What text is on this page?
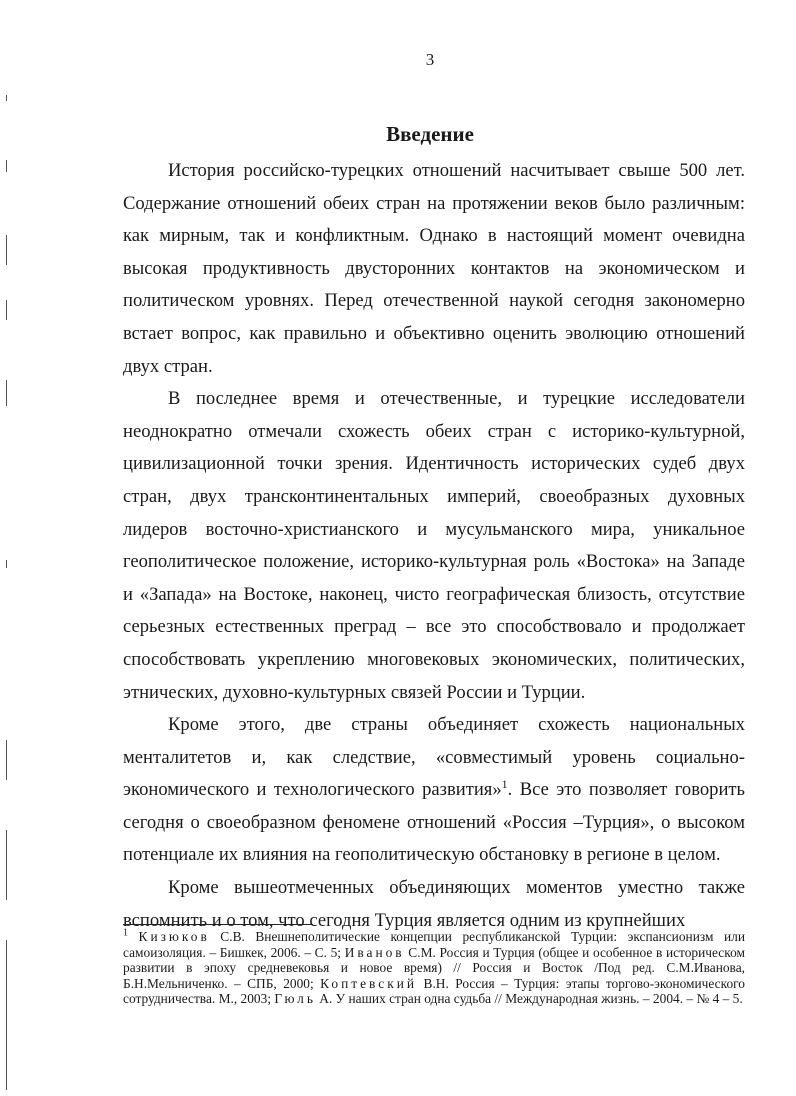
3
Введение

История российско-турецких отношений насчитывает свыше 500 лет. Содержание отношений обеих стран на протяжении веков было различным: как мирным, так и конфликтным. Однако в настоящий момент очевидна высокая продуктивность двусторонних контактов на экономическом и политическом уровнях. Перед отечественной наукой сегодня закономерно встает вопрос, как правильно и объективно оценить эволюцию отношений двух стран.

В последнее время и отечественные, и турецкие исследователи неоднократно отмечали схожесть обеих стран с историко-культурной, цивилизационной точки зрения. Идентичность исторических судеб двух стран, двух трансконтинентальных империй, своеобразных духовных лидеров восточно-христианского и мусульманского мира, уникальное геополитическое положение, историко-культурная роль «Востока» на Западе и «Запада» на Востоке, наконец, чисто географическая близость, отсутствие серьезных естественных преград – все это способствовало и продолжает способствовать укреплению многовековых экономических, политических, этнических, духовно-культурных связей России и Турции.

Кроме этого, две страны объединяет схожесть национальных менталитетов и, как следствие, «совместимый уровень социально-экономического и технологического развития»$^1$. Все это позволяет говорить сегодня о своеобразном феномене отношений «Россия –Турция», о высоком потенциале их влияния на геополитическую обстановку в регионе в целом.

Кроме вышеотмеченных объединяющих моментов уместно также вспомнить и о том, что сегодня Турция является одним из крупнейших

$^1$ Кизюков С.В. Внешнеполитические концепции республиканской Турции: экспансионизм или самоизоляция. – Бишкек, 2006. – С. 5; Иванов С.М. Россия и Турция (общее и особенное в историческом развитии в эпоху средневековья и новое время) // Россия и Восток /Под ред. С.М.Иванова, Б.Н.Мельниченко. – СПБ, 2000; Коптевский В.Н. Россия – Турция: этапы торгово-экономического сотрудничества. М., 2003; Гюль А. У наших стран одна судьба // Международная жизнь. – 2004. – № 4 – 5.
